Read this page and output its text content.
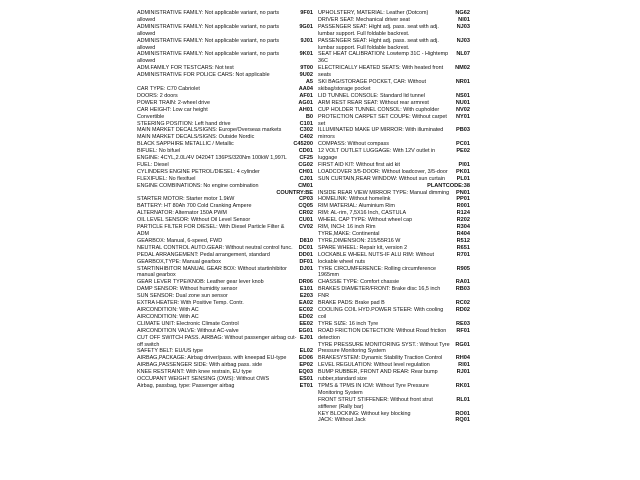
ADMINISTRATIVE FAMILY: Not applicable variant, no parts allowed
9F01
ADMINISTRATIVE FAMILY: Not applicable variant, no parts allowed
9G01
ADMINISTRATIVE FAMILY: Not applicable variant, no parts allowed
9J01
ADMINISTRATIVE FAMILY: Not applicable variant, no parts allowed
9K01
ADM.FAMILY FOR TESTCARS: Not test	9T00
ADMINISTRATIVE FOR POLICE CARS: Not applicable	9U02
A5
CAR TYPE: C70 Cabriolet	AA04
DOORS: 2 doors	AF01
POWER TRAIN: 2-wheel drive	AG01
CAR HEIGHT: Low car height	AH01
Convertible	B0
STEERING POSITION: Left hand drive	C101
MAIN MARKET DECALS/SIGNS: Europe/Overseas markets	C302
MAIN MARKET DECALS/SIGNS: Outside Nordic	C402
BLACK SAPPHIRE METALLIC / Metallic	C45200
BIFUEL: No bifuel	CD01
ENGINE: 4CYL,2.0L/4V 04204T 136PS/320Nm 100kW 1,997L	CF25
FUEL: Diesel	CG02
CYLINDERS ENGINE PETROL/DIESEL: 4 cylinder	CH01
FLEXIFUEL: No flexifuel	CJ01
ENGINE COMBINATIONS: No engine combination	CM01
COUNTRY:BE
STARTER MOTOR: Starter motor 1.9kW	CP03
BATTERY: HT 80Ah 700 Cold Cranking Ampere	CQ05
ALTERNATOR: Alternator 150A PWM	CR02
OIL LEVEL SENSOR: Without Oil Level Sensor	CU01
PARTICLE FILTER FOR DIESEL: With Diesel Particle Filter & ADM
CV02
GEARBOX: Manual, 6-speed, FWD	D810
NEUTRAL CONTROL AUTO.GEAR: Without neutral control func.	DC01
PEDAL ARRANGEMENT: Pedal arrangement, standard	DD01
GEARBOX,TYPE: Manual gearbox	DF01
STARTINHIBITOR MANUAL GEAR BOX: Without startinhibitor manual gearbox
DJ01
GEAR LEVER TYPE/KNOB: Leather gear lever knob	DR06
DAMP SENSOR: Without humidity sensor	E101
SUN SENSOR: Dual zone sun sensor	E203
EXTRA HEATER: With Positive Temp. Contr.	EA02
AIRCONDITION: With AC	EC02
AIRCONDITION: With AC	ED02
CLIMATE UNIT: Electronic Climate Control	EE02
AIRCONDITION VALVE: Without AC-valve	EG01
CUT OFF SWITCH PASS. AIRBAG: Without passenger airbag cut-off switch
EJ01
SAFETY BELT: EU/US type	EL02
AIRBAG,PACKAGE: Airbag driver/pass. with kneepad EU-type	EO06
AIRBAG,PASSENGER SIDE: With airbag pass. side	EP02
KNEE RESTRAINT: With knee restrain, EU type	EQ03
OCCUPANT WEIGHT SENSING (OWS): Without OWS	ES01
Airbag, passbag, type: Passenger airbag	ET01
UPHOLSTERY, MATERIAL: Leather (Dotcom)	NG62
DRIVER SEAT: Mechanical driver seat	NI01
PASSENGER SEAT: Hight adj. pass. seat with adj. lumbar support. Full foldable backrest.
NJ03
PASSENGER SEAT: Hight adj. pass. seat with adj. lumbar support. Full foldable backrest.
NJ03
SEAT HEAT CALIBRATION: Lowtemp 31C - Hightemp 36C
NL07
ELECTRICALLY HEATED SEATS: With heated front seats
NM02
SKI BAG/STORAGE POCKET, CAR: Without skibag/storage pocket
NR01
LID TUNNEL CONSOLE: Standard lid tunnel	NS01
ARM REST REAR SEAT: Without rear armrest	NU01
CUP HOLDER TUNNEL CONSOL: With cupholder	NV02
PROTECTION CARPET SET COUPE: Without carpet set
NY01
ILLUMINATED MAKE UP MIRROR: With illuminated mirrors
PB03
COMPASS: Without compass	PC01
12 VOLT OUTLET LUGGAGE: With 12V outlet in luggage
PE02
FIRST AID KIT: Without first aid kit	PI01
LOADCOVER 3/5-DOOR: Without loadcover, 3/5-door	PK01
SUN CURTAIN,REAR WINDOW: Without sun curtain	PL01
PLANTCODE:38
INSIDE REAR VIEW MIRROR TYPE: Manual dimming	PN01
HOMELINK: Without homelink	PP01
RIM MATERIAL: Aluminium Rim	R001
RIM: AL-rim, 7,5X16 Inch, CASTULA	R124
WHEEL CAP TYPE: Without wheel cap	R202
RIM, INCH: 16 inch Rim	R304
TYRE,MAKE: Continental	R404
TYRE,DIMENSION: 215/55R16 W	R512
SPARE WHEEL: Repair kit, version 2	R651
LOCKABLE WHEEL NUTS-IF ALU RIM: Without lockable wheel nuts
R701
TYRE CIRCUMFERENCE: Rolling circumference 1965mm
R905
CHASSIE TYPE: Comfort chassie	RA01
BRAKES DIAMETER/FRONT: Brake disc 16,5 inch FNR
RB03
BRAKE PADS: Brake pad B	RC02
COOLING COIL HYD.POWER STEER: With cooling coil
RD02
TYRE SIZE: 16 inch Tyre	RE03
ROAD FRICTION DETECTION: Without Road friction detection
RF01
TYRE PRESSURE MONITORING SYST.: Without Tyre Pressure Monitoring System
RG01
BRAKESYSTEM: Dynamic Stability Traction Control	RH04
LEVEL REGULATION: Without level regulation	RI01
BUMP RUBBER, FRONT AND REAR: Rear bump rubber,standard size
RJ01
TPMS & TPMS IN ICM: Without Tyre Pressure Monitoring System
RK01
FRONT STRUT STIFFENER: Without front strut stiffener (Rally bar)
RL01
KEY BLOCKING: Without key blocking	RO01
JACK: Without Jack	RQ01
